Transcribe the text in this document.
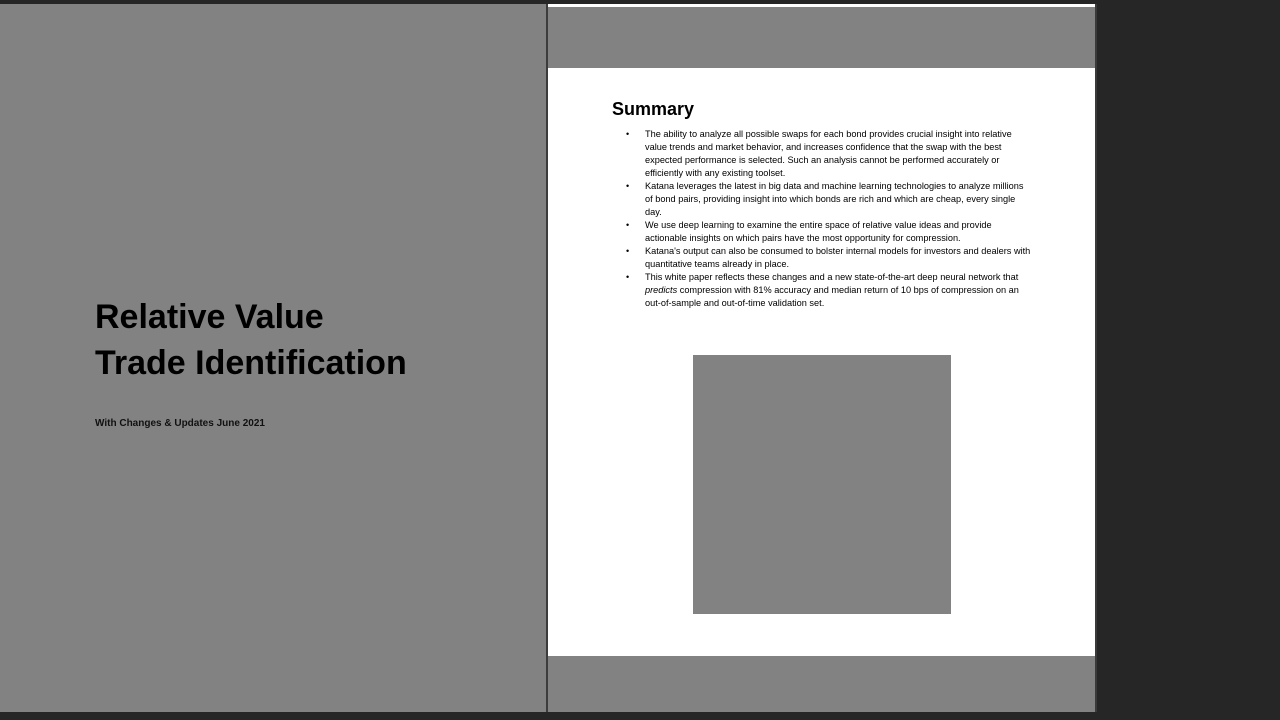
Relative Value
Trade Identification
With Changes & Updates June 2021
Summary
• The ability to analyze all possible swaps for each bond provides crucial insight into relative value trends and market behavior, and increases confidence that the swap with the best expected performance is selected. Such an analysis cannot be performed accurately or efficiently with any existing toolset.
• Katana leverages the latest in big data and machine learning technologies to analyze millions of bond pairs, providing insight into which bonds are rich and which are cheap, every single day.
• We use deep learning to examine the entire space of relative value ideas and provide actionable insights on which pairs have the most opportunity for compression.
• Katana's output can also be consumed to bolster internal models for investors and dealers with quantitative teams already in place.
• This white paper reflects these changes and a new state-of-the-art deep neural network that predicts compression with 81% accuracy and median return of 10 bps of compression on an out-of-sample and out-of-time validation set.
